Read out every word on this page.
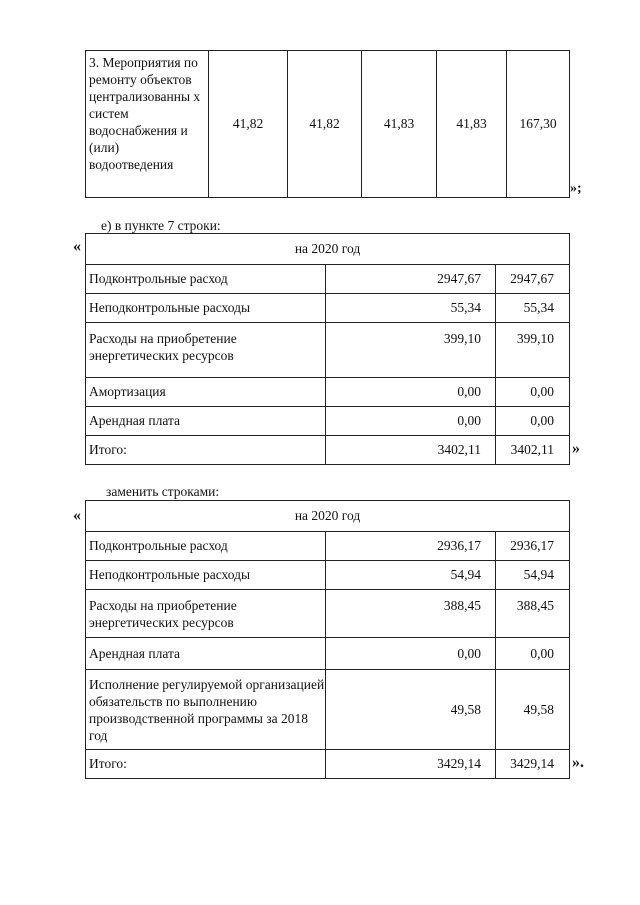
3. Мероприятия по ремонту объектов централизованны х систем водоснабжения и (или) водоотведения	41,82	41,82	41,83	41,83	167,30
»;
е) в пункте 7 строки:
«	на 2020 год		
Подконтрольные расход	2947,67	2947,67
Неподконтрольные расходы	55,34	55,34
Расходы на приобретение энергетических ресурсов	399,10	399,10
Амортизация	0,00	0,00
Арендная плата	0,00	0,00
Итого:	3402,11	3402,11 »
заменить строками:
«	на 2020 год		
Подконтрольные расход	2936,17	2936,17
Неподконтрольные расходы	54,94	54,94
Расходы на приобретение энергетических ресурсов	388,45	388,45
Арендная плата	0,00	0,00
Исполнение регулируемой организацией обязательств по выполнению производственной программы за 2018 год	49,58	49,58
Итого:	3429,14	3429,14 ».
